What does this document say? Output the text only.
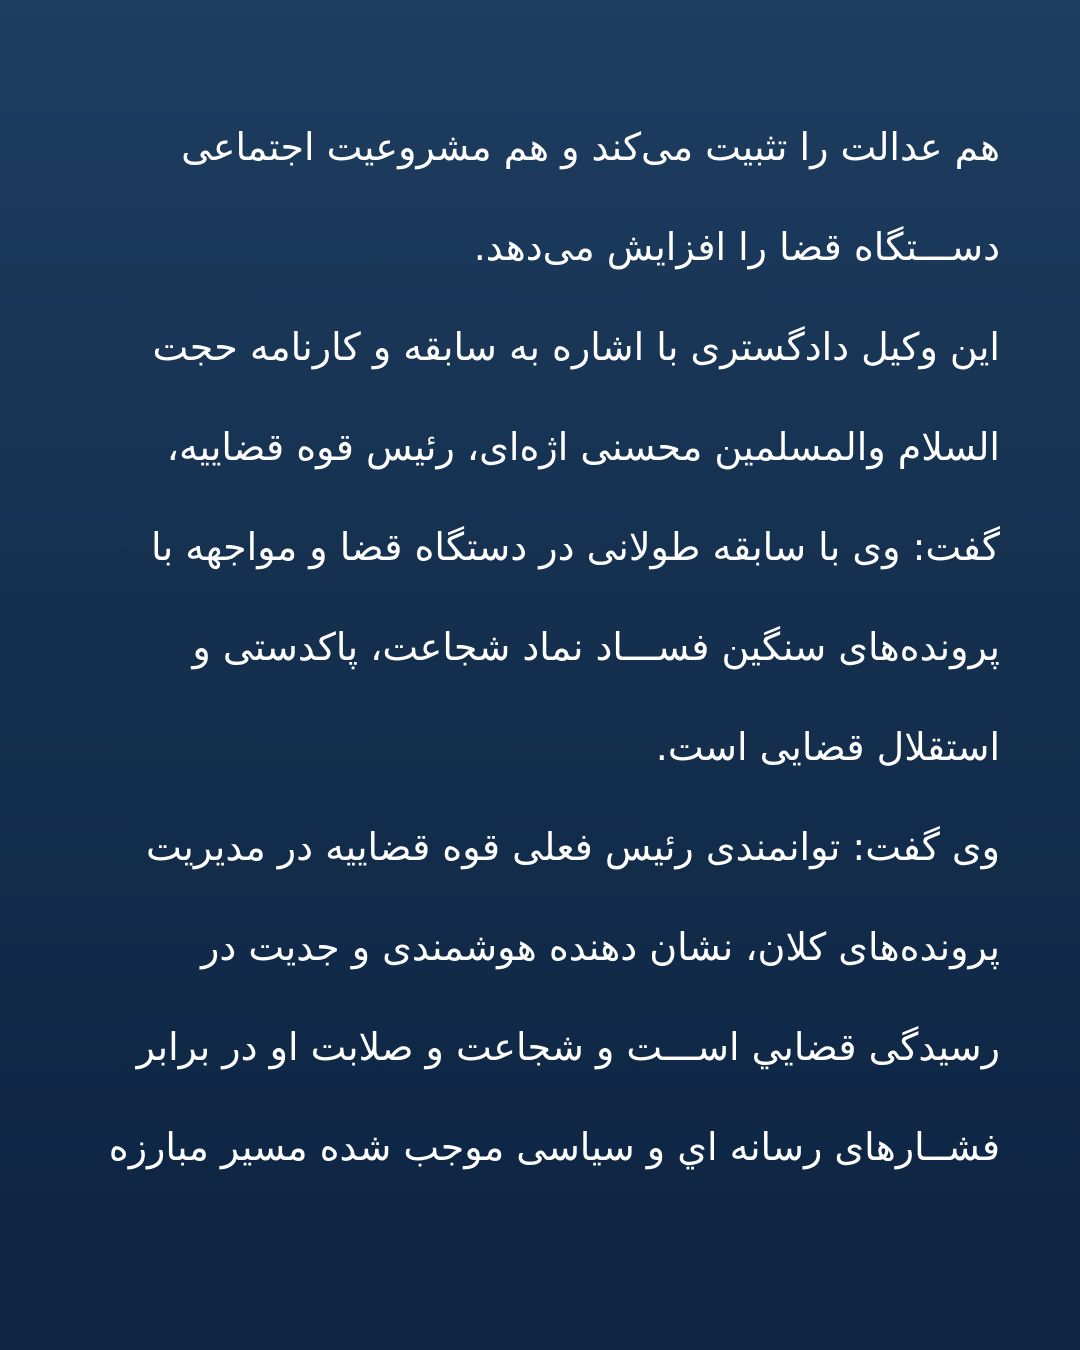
هم عدالت را تثبیت می‌کند و هم مشروعیت اجتماعی
دســـتگاه قضا را افزایش می‌دهد.
این وکیل دادگستری با اشاره به سابقه و کارنامه حجت
السلام والمسلمین محسنی اژه‌ای، رئیس قوه قضاییه،
گفت: وی با سابقه طولانی در دستگاه قضا و مواجهه با
پرونده‌های سنگین فســـاد نماد شجاعت، پاکدستی و
استقلال قضایی است.
وی گفت: توانمندی رئیس فعلی قوه قضاییه در مدیریت
پرونده‌های کلان، نشان دهنده هوشمندی و جدیت در
رسیدگی قضايي اســـت و شجاعت و صلابت او در برابر
فشــارهای رسانه اي و سیاسی موجب شده مسیر مبارزه
